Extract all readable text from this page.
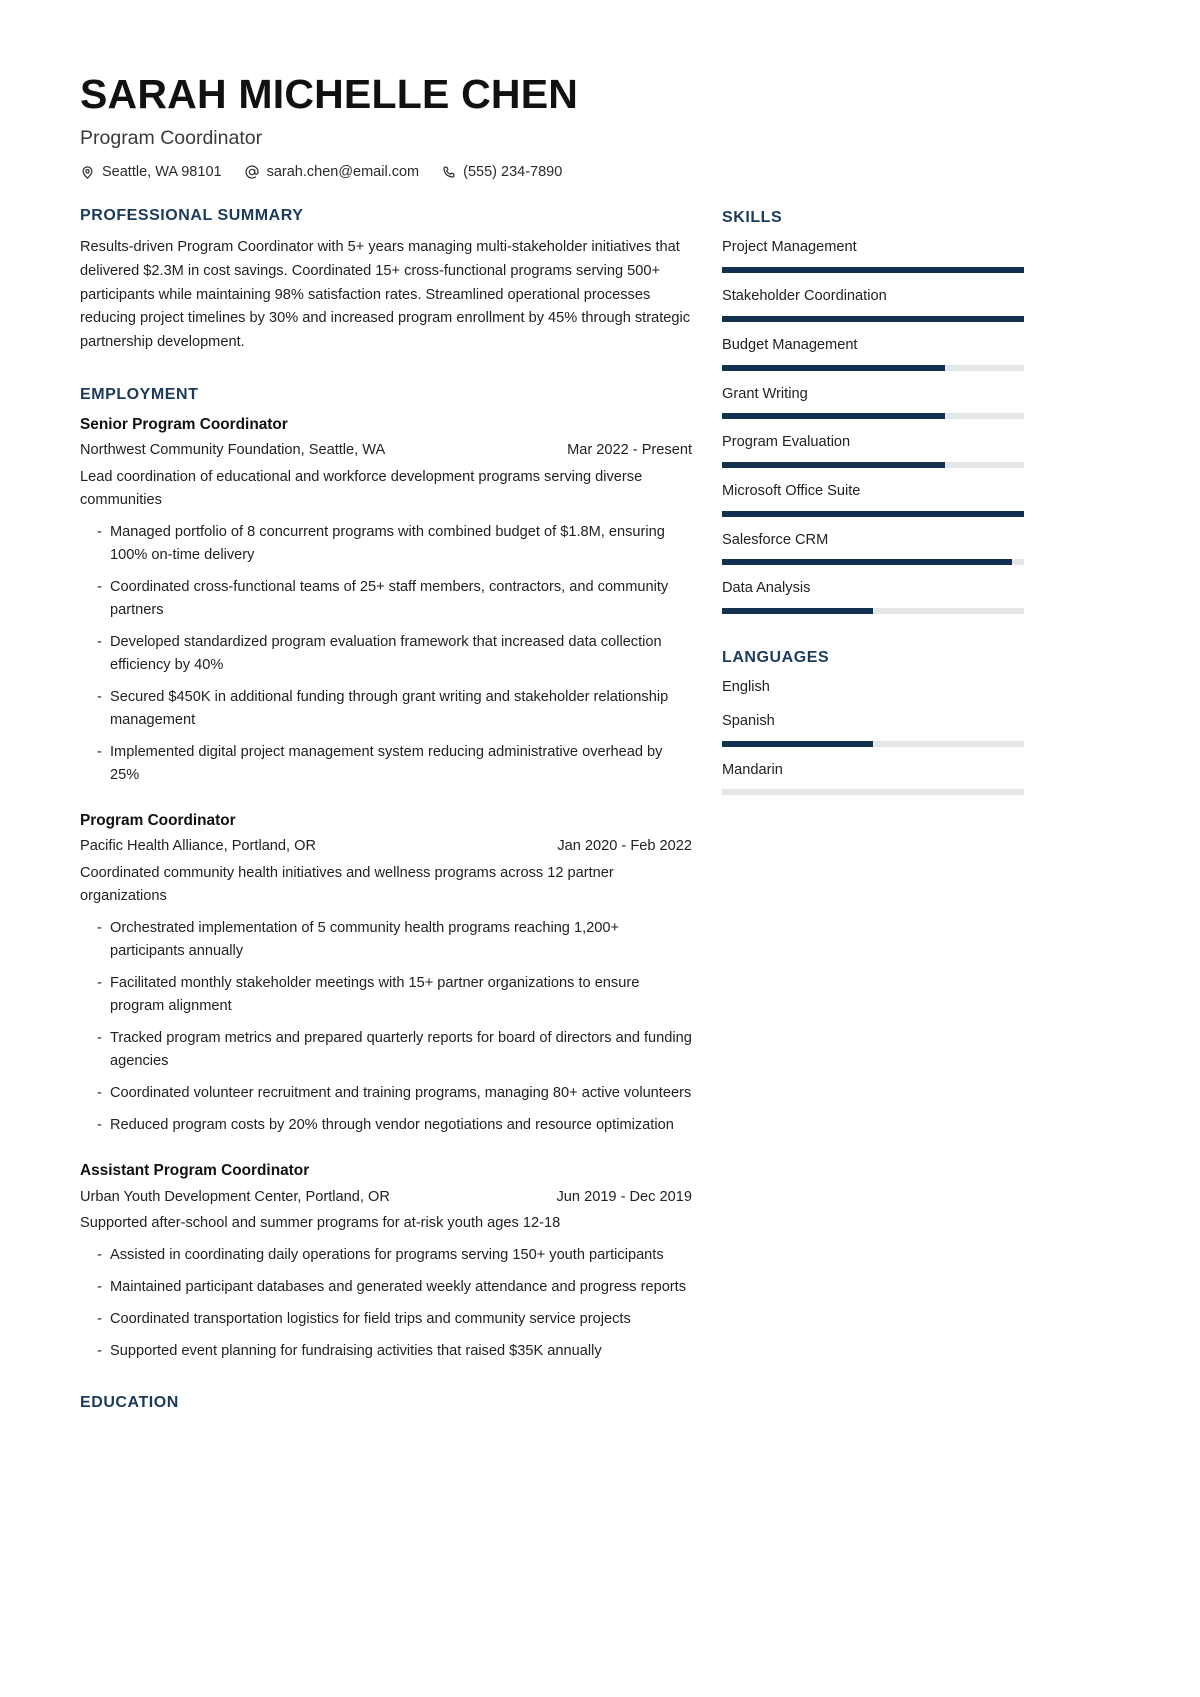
SARAH MICHELLE CHEN
Program Coordinator
Seattle, WA 98101	sarah.chen@email.com	(555) 234-7890
PROFESSIONAL SUMMARY

Results-driven Program Coordinator with 5+ years managing multi-stakeholder initiatives that delivered $2.3M in cost savings. Coordinated 15+ cross-functional programs serving 500+ participants while maintaining 98% satisfaction rates. Streamlined operational processes reducing project timelines by 30% and increased program enrollment by 45% through strategic partnership development.

EMPLOYMENT
Senior Program Coordinator
Northwest Community Foundation, Seattle, WA	Mar 2022 - Present
Lead coordination of educational and workforce development programs serving diverse communities
- Managed portfolio of 8 concurrent programs with combined budget of $1.8M, ensuring 100% on-time delivery
- Coordinated cross-functional teams of 25+ staff members, contractors, and community partners
- Developed standardized program evaluation framework that increased data collection efficiency by 40%
- Secured $450K in additional funding through grant writing and stakeholder relationship management
- Implemented digital project management system reducing administrative overhead by 25%
Program Coordinator
Pacific Health Alliance, Portland, OR	Jan 2020 - Feb 2022
Coordinated community health initiatives and wellness programs across 12 partner organizations
- Orchestrated implementation of 5 community health programs reaching 1,200+ participants annually
- Facilitated monthly stakeholder meetings with 15+ partner organizations to ensure program alignment
- Tracked program metrics and prepared quarterly reports for board of directors and funding agencies
- Coordinated volunteer recruitment and training programs, managing 80+ active volunteers
- Reduced program costs by 20% through vendor negotiations and resource optimization
Assistant Program Coordinator
Urban Youth Development Center, Portland, OR	Jun 2019 - Dec 2019
Supported after-school and summer programs for at-risk youth ages 12-18
- Assisted in coordinating daily operations for programs serving 150+ youth participants
- Maintained participant databases and generated weekly attendance and progress reports
- Coordinated transportation logistics for field trips and community service projects
- Supported event planning for fundraising activities that raised $35K annually
EDUCATION
SKILLS
Project Management
Stakeholder Coordination
Budget Management
Grant Writing
Program Evaluation
Microsoft Office Suite
Salesforce CRM
Data Analysis
LANGUAGES
English
Spanish
Mandarin
